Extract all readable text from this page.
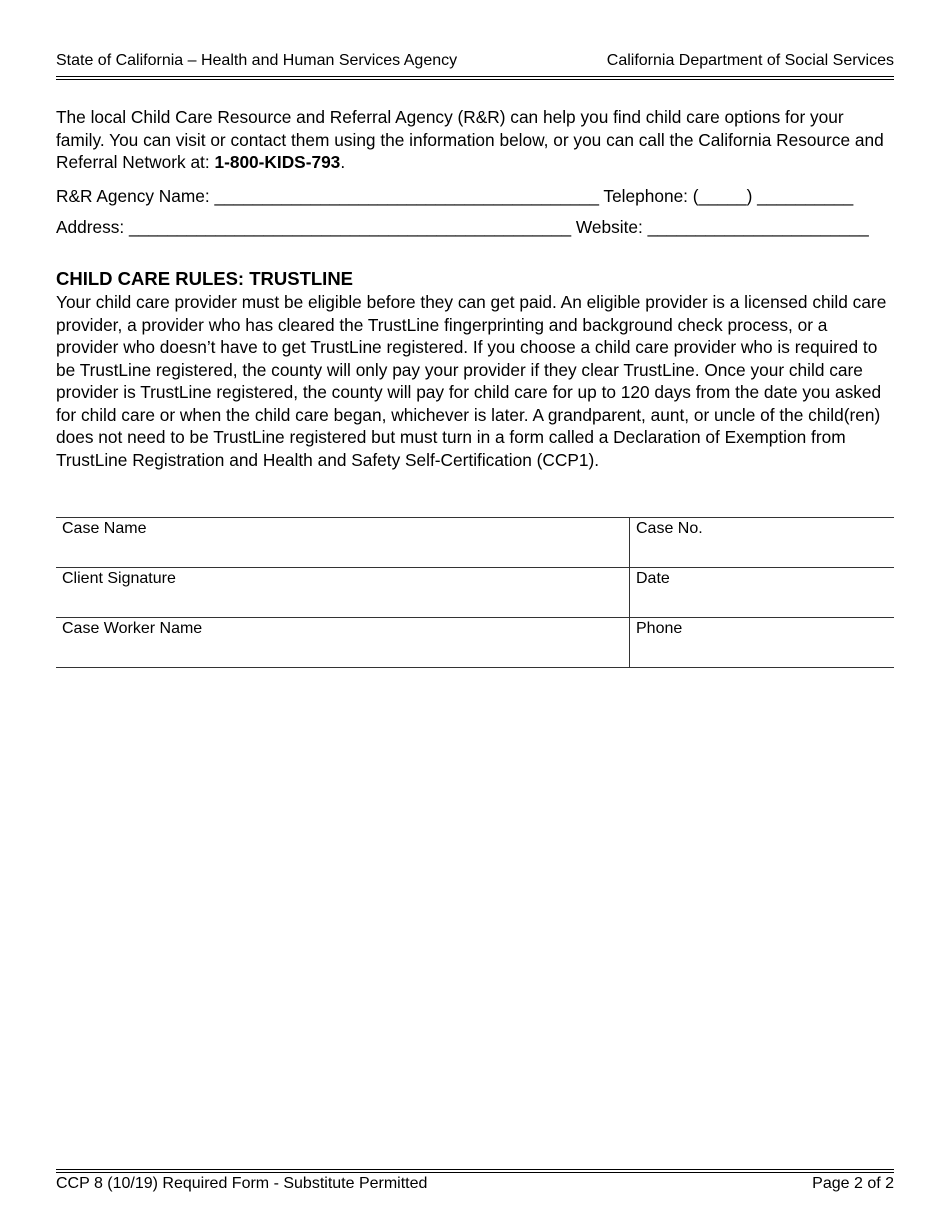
State of California – Health and Human Services Agency	California Department of Social Services
The local Child Care Resource and Referral Agency (R&R) can help you find child care options for your family. You can visit or contact them using the information below, or you can call the California Resource and Referral Network at: 1-800-KIDS-793.
R&R Agency Name: ________________________________________ Telephone: (_____) __________
Address: ______________________________________________ Website: _______________________
CHILD CARE RULES: TRUSTLINE

Your child care provider must be eligible before they can get paid. An eligible provider is a licensed child care provider, a provider who has cleared the TrustLine fingerprinting and background check process, or a provider who doesn’t have to get TrustLine registered. If you choose a child care provider who is required to be TrustLine registered, the county will only pay your provider if they clear TrustLine. Once your child care provider is TrustLine registered, the county will pay for child care for up to 120 days from the date you asked for child care or when the child care began, whichever is later. A grandparent, aunt, or uncle of the child(ren) does not need to be TrustLine registered but must turn in a form called a Declaration of Exemption from TrustLine Registration and Health and Safety Self-Certification (CCP1).

Case Name	Case No.
Client Signature	Date
Case Worker Name	Phone
CCP 8 (10/19) Required Form - Substitute Permitted	Page 2 of 2
